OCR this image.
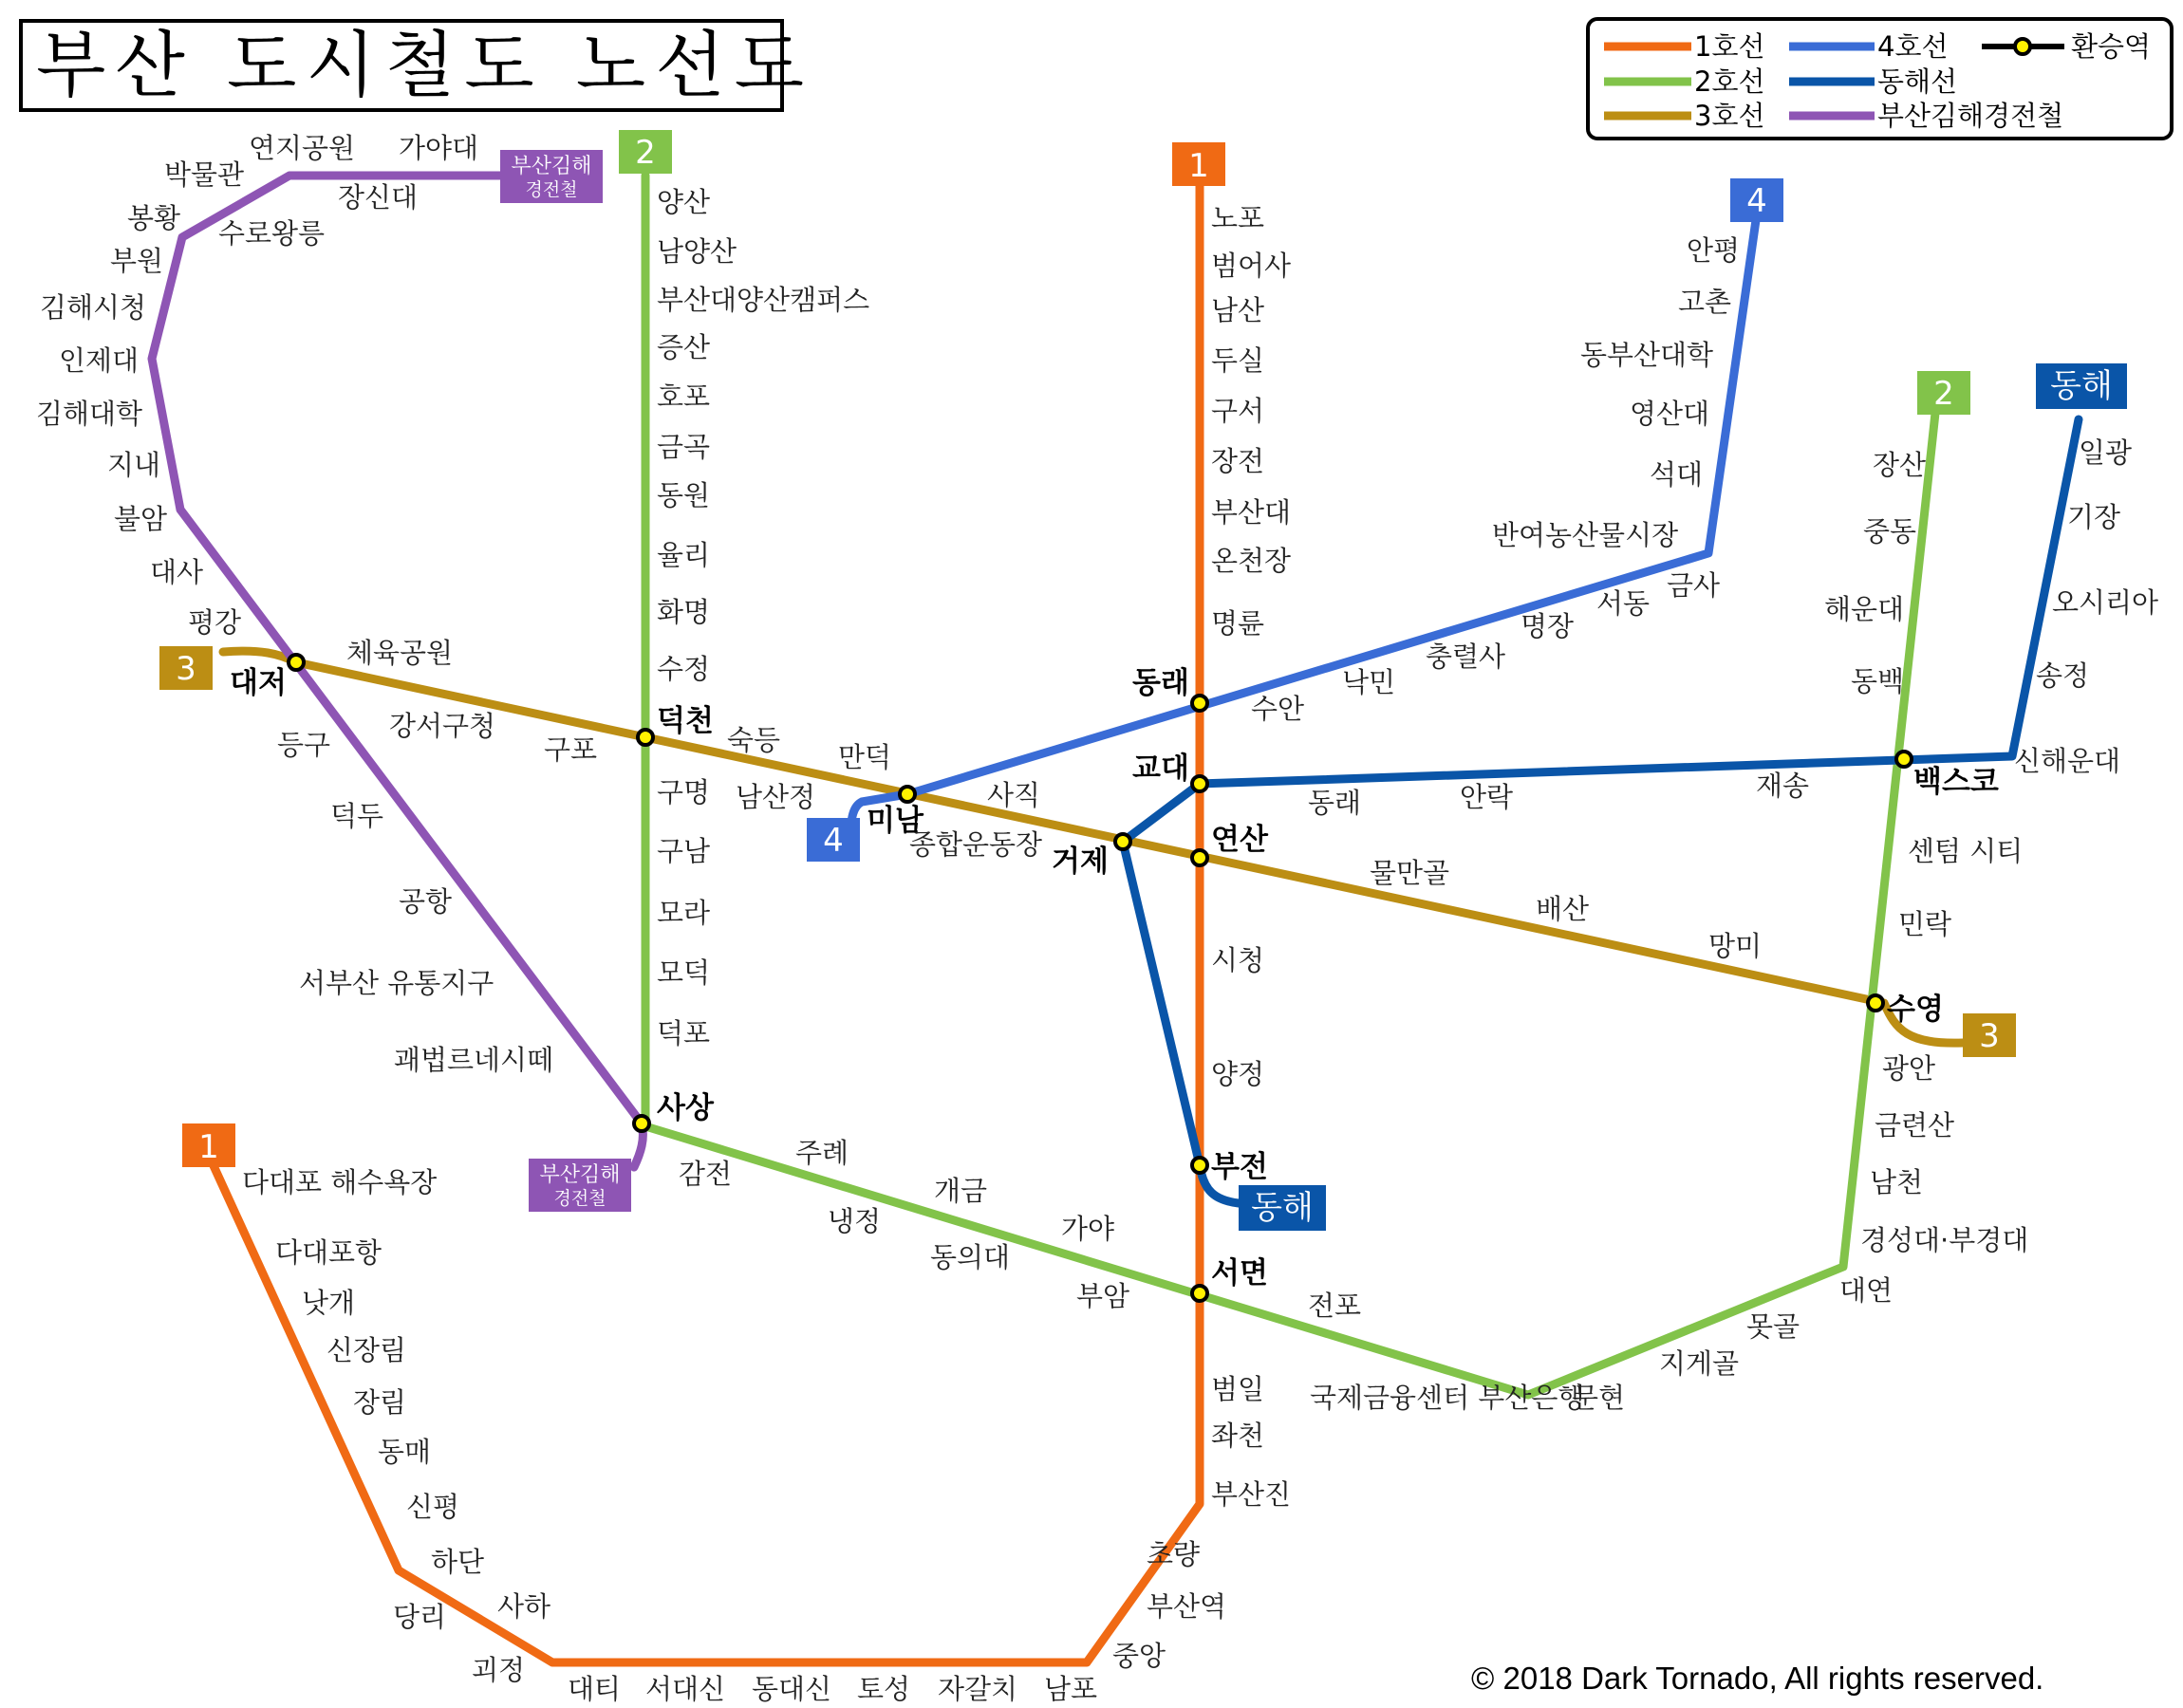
부산 도시철도 노선도
1
1
2
2
3
3
4
4
동해
동해
부산김해
경전철
부산김해
경전철
대저
덕천
미남
동래
교대
거제
연산
사상
부전
서면
백스코
수영
노포
범어사
남산
두실
구서
장전
부산대
온천장
명륜
시청
양정
범일
좌천
부산진
초량
부산역
중앙
남포
자갈치
토성
동대신
서대신
대티
괴정
사하
당리
하단
신평
동매
장림
신장림
낫개
다대포항
다대포 해수욕장
양산
남양산
부산대양산캠퍼스
증산
호포
금곡
동원
율리
화명
수정
구명
구남
모라
모덕
덕포
감전
주례
냉정
개금
동의대
가야
부암	전포
국제금융센터 부산은행
문현
지게골
못골
대연
경성대·부경대
남천
금련산
광안
민락
센텀 시티
동백
해운대
중동
장산
체육공원
강서구청
구포	숙등
남산정
만덕
종합운동장
사직
물만골
배산
망미
수안
낙민
충렬사
명장
서동
금사
반여농산물시장
석대
영산대
동부산대학
고촌
안평
동래	안락	재송
신해운대
송정
오시리아
기장
일광
등구
덕두
공항
서부산 유통지구
괘법르네시떼
평강
대사
불암
지내
김해대학
인제대
김해시청
부원
봉황 수로왕릉
박물관
연지공원
장신대
가야대
1호선
2호선
3호선
4호선
동해선
부산김해경전철
환승역
© 2018 Dark Tornado, All rights reserved.
